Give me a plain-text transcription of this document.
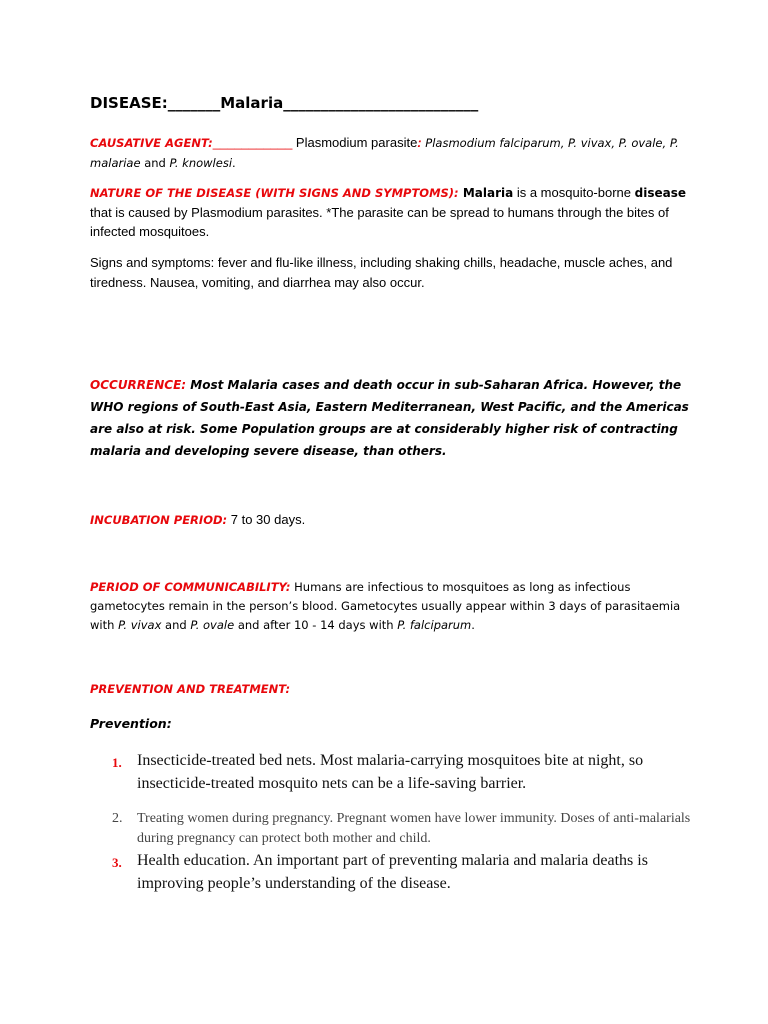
DISEASE:_______Malaria__________________________
CAUSATIVE AGENT:___________ Plasmodium parasite: Plasmodium falciparum, P. vivax, P. ovale, P. malariae and P. knowlesi.
NATURE OF THE DISEASE (WITH SIGNS AND SYMPTOMS): Malaria is a mosquito-borne disease that is caused by Plasmodium parasites. *The parasite can be spread to humans through the bites of infected mosquitoes.
Signs and symptoms: fever and flu-like illness, including shaking chills, headache, muscle aches, and tiredness. Nausea, vomiting, and diarrhea may also occur.
OCCURRENCE: Most Malaria cases and death occur in sub-Saharan Africa. However, the WHO regions of South-East Asia, Eastern Mediterranean, West Pacific, and the Americas are also at risk. Some Population groups are at considerably higher risk of contracting malaria and developing severe disease, than others.
INCUBATION PERIOD: 7 to 30 days.
PERIOD OF COMMUNICABILITY: Humans are infectious to mosquitoes as long as infectious gametocytes remain in the person’s blood. Gametocytes usually appear within 3 days of parasitaemia with P. vivax and P. ovale and after 10 - 14 days with P. falciparum.
PREVENTION AND TREATMENT:
Prevention:
1. Insecticide-treated bed nets. Most malaria-carrying mosquitoes bite at night, so insecticide-treated mosquito nets can be a life-saving barrier.
2. Treating women during pregnancy. Pregnant women have lower immunity. Doses of anti-malarials during pregnancy can protect both mother and child.
3. Health education. An important part of preventing malaria and malaria deaths is improving people’s understanding of the disease.
